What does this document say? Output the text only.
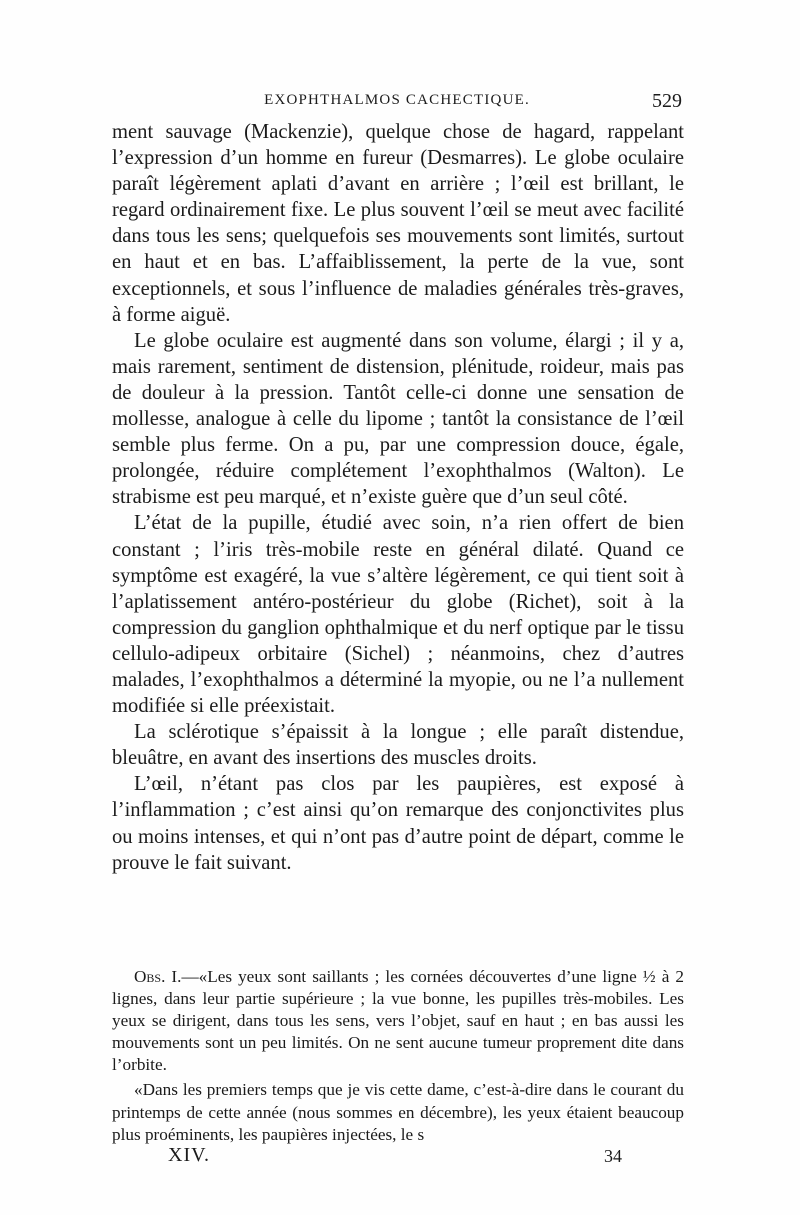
EXOPHTHALMOS CACHECTIQUE.	529

ment sauvage (Mackenzie), quelque chose de hagard, rappelant l’expression d’un homme en fureur (Desmarres). Le globe oculaire paraît légèrement aplati d’avant en arrière ; l’œil est brillant, le regard ordinairement fixe. Le plus souvent l’œil se meut avec facilité dans tous les sens; quelquefois ses mouvements sont limités, surtout en haut et en bas. L’affaiblissement, la perte de la vue, sont exceptionnels, et sous l’influence de maladies générales très-graves, à forme aiguë.

Le globe oculaire est augmenté dans son volume, élargi ; il y a, mais rarement, sentiment de distension, plénitude, roideur, mais pas de douleur à la pression. Tantôt celle-ci donne une sensation de mollesse, analogue à celle du lipome ; tantôt la consistance de l’œil semble plus ferme. On a pu, par une compression douce, égale, prolongée, réduire complétement l’exophthalmos (Walton). Le strabisme est peu marqué, et n’existe guère que d’un seul côté.

L’état de la pupille, étudié avec soin, n’a rien offert de bien constant ; l’iris très-mobile reste en général dilaté. Quand ce symptôme est exagéré, la vue s’altère légèrement, ce qui tient soit à l’aplatissement antéro-postérieur du globe (Richet), soit à la compression du ganglion ophthalmique et du nerf optique par le tissu cellulo-adipeux orbitaire (Sichel) ; néanmoins, chez d’autres malades, l’exophthalmos a déterminé la myopie, ou ne l’a nullement modifiée si elle préexistait.

La sclérotique s’épaissit à la longue ; elle paraît distendue, bleuâtre, en avant des insertions des muscles droits.

L’œil, n’étant pas clos par les paupières, est exposé à l’inflammation ; c’est ainsi qu’on remarque des conjonctivites plus ou moins intenses, et qui n’ont pas d’autre point de départ, comme le prouve le fait suivant.

Obs. I.—«Les yeux sont saillants ; les cornées découvertes d’une ligne ½ à 2 lignes, dans leur partie supérieure ; la vue bonne, les pupilles très-mobiles. Les yeux se dirigent, dans tous les sens, vers l’objet, sauf en haut ; en bas aussi les mouvements sont un peu limités. On ne sent aucune tumeur proprement dite dans l’orbite.

«Dans les premiers temps que je vis cette dame, c’est-à-dire dans le courant du printemps de cette année (nous sommes en décembre), les yeux étaient beaucoup plus proéminents, les paupières injectées, le s

XIV.	34
